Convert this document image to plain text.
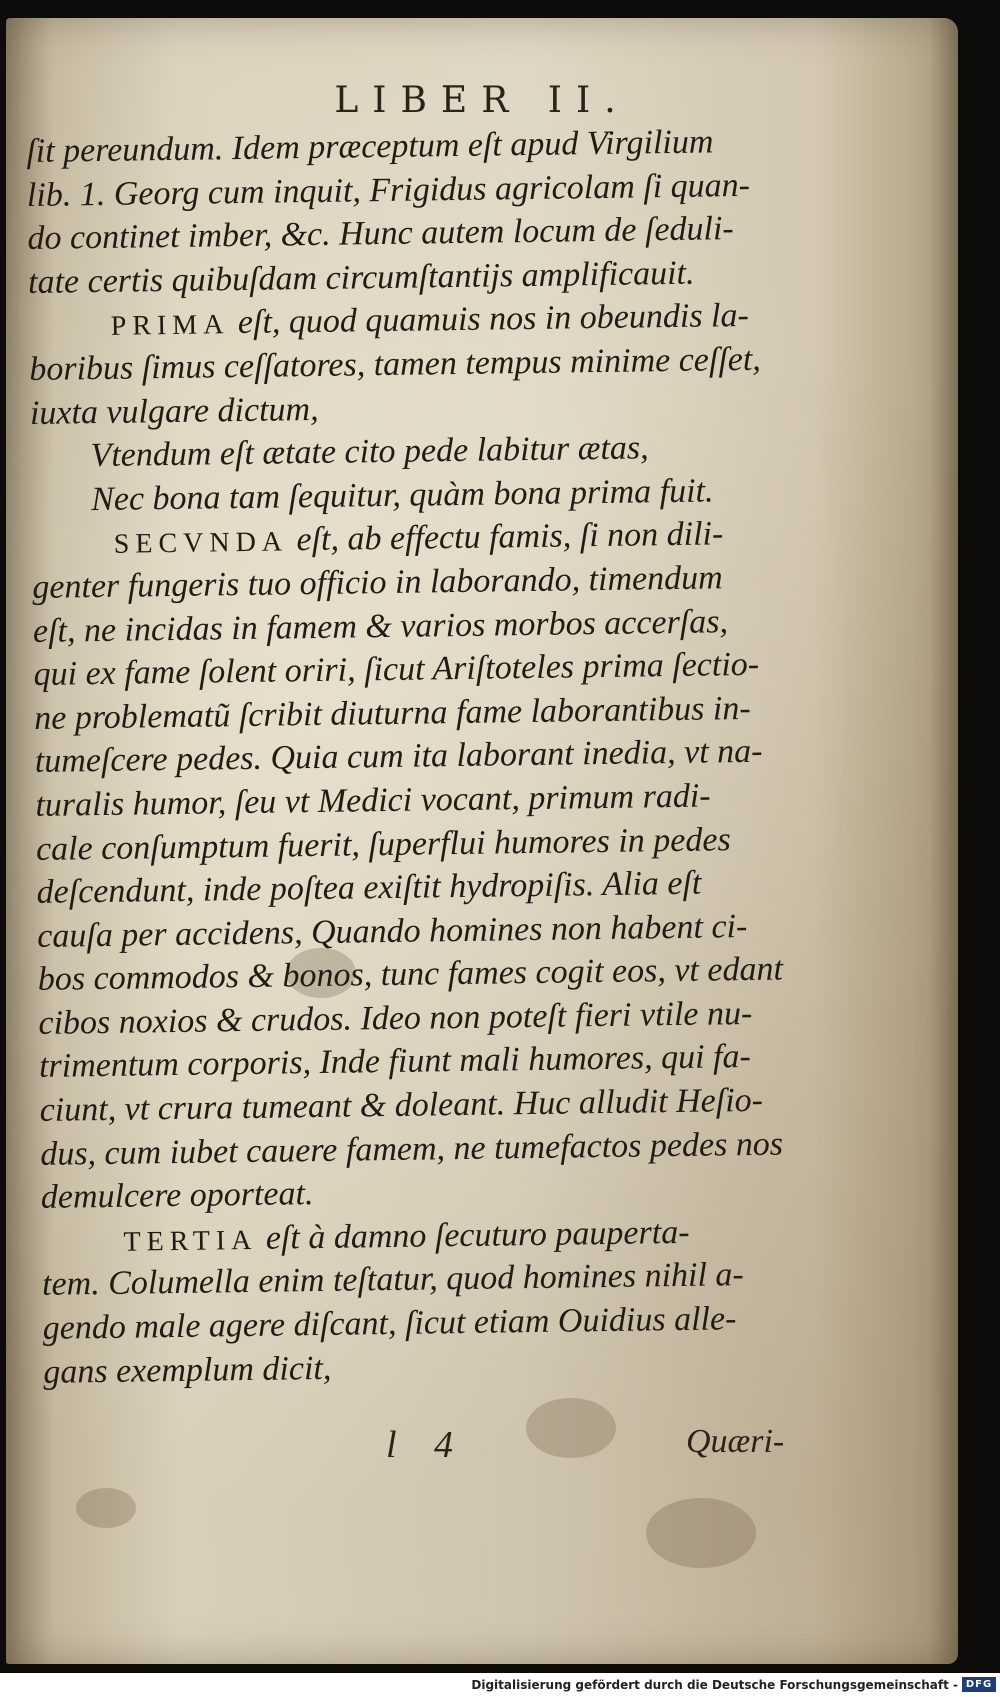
LIBER II.
ſit pereundum. Idem præceptum eſt apud Virgilium
lib. 1. Georg cum inquit, Frigidus agricolam ſi quan-
do continet imber, &c. Hunc autem locum de ſeduli-
tate certis quibuſdam circumſtantijs amplificauit.
PRIMA eſt, quod quamuis nos in obeundis la-
boribus ſimus ceſſatores, tamen tempus minime ceſſet,
iuxta vulgare dictum,
Vtendum eſt ætate cito pede labitur ætas,
Nec bona tam ſequitur, quàm bona prima fuit.
SECVNDA eſt, ab effectu famis, ſi non dili-
genter fungeris tuo officio in laborando, timendum
eſt, ne incidas in famem & varios morbos accerſas,
qui ex fame ſolent oriri, ſicut Ariſtoteles prima ſectio-
ne problematũ ſcribit diuturna fame laborantibus in-
tumeſcere pedes. Quia cum ita laborant inedia, vt na-
turalis humor, ſeu vt Medici vocant, primum radi-
cale conſumptum fuerit, ſuperflui humores in pedes
deſcendunt, inde poſtea exiſtit hydropiſis. Alia eſt
cauſa per accidens, Quando homines non habent ci-
bos commodos & bonos, tunc fames cogit eos, vt edant
cibos noxios & crudos. Ideo non poteſt fieri vtile nu-
trimentum corporis, Inde fiunt mali humores, qui fa-
ciunt, vt crura tumeant & doleant. Huc alludit Heſio-
dus, cum iubet cauere famem, ne tumefactos pedes nos
demulcere oporteat.
TERTIA eſt à damno ſecuturo pauperta-
tem. Columella enim teſtatur, quod homines nihil a-
gendo male agere diſcant, ſicut etiam Ouidius alle-
gans exemplum dicit,
l 4	Quæri-
Digitalisierung gefördert durch die Deutsche Forschungsgemeinschaft - DFG
